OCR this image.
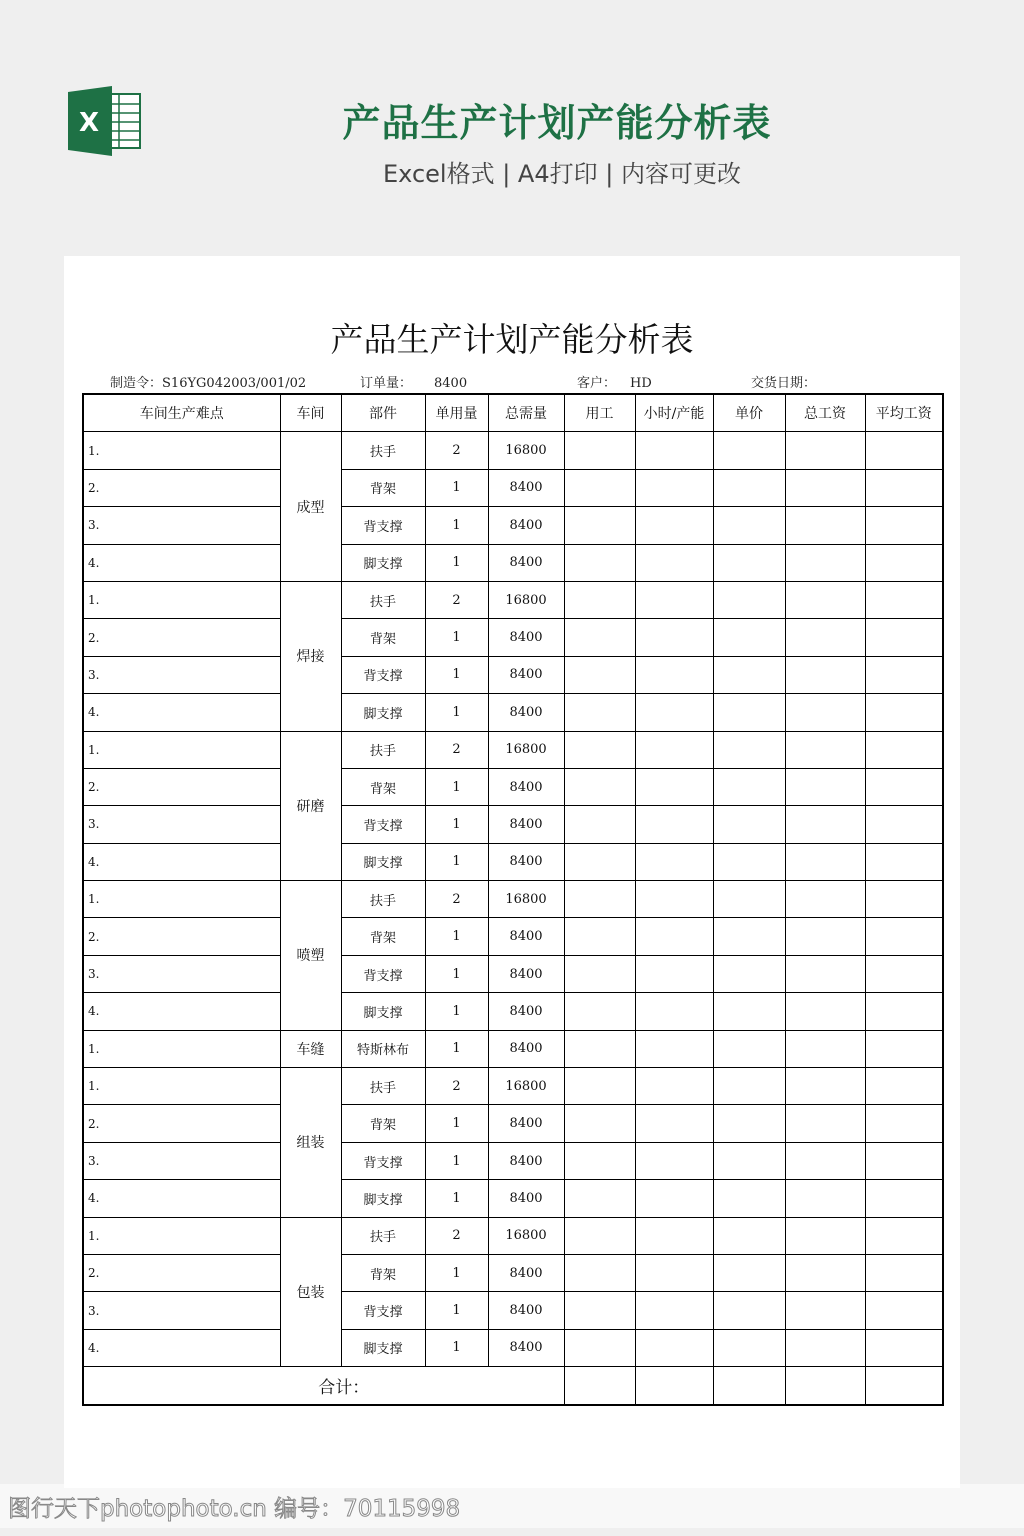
X	产品生产计划产能分析表
Excel格式 | A4打印 | 内容可更改
产品生产计划产能分析表
制造令：S16YG042003/001/02	订单量： 8400	客户： HD	交货日期：
车间生产难点	车间	部件	单用量	总需量	用工	小时/产能	单价	总工资	平均工资
1.	成型	扶手	2	16800					
2.		背架	1	8400					
3.		背支撑	1	8400					
4.		脚支撑	1	8400					
1.	焊接	扶手	2	16800					
2.		背架	1	8400					
3.		背支撑	1	8400					
4.		脚支撑	1	8400					
1.	研磨	扶手	2	16800					
2.		背架	1	8400					
3.		背支撑	1	8400					
4.		脚支撑	1	8400					
1.	喷塑	扶手	2	16800					
2.		背架	1	8400					
3.		背支撑	1	8400					
4.		脚支撑	1	8400					
1.	车缝	特斯林布	1	8400					
1.	组装	扶手	2	16800					
2.		背架	1	8400					
3.		背支撑	1	8400					
4.		脚支撑	1	8400					
1.	包装	扶手	2	16800					
2.		背架	1	8400					
3.		背支撑	1	8400					
4.		脚支撑	1	8400					
合计：									
图行天下photophoto.cn 编号：70115998
